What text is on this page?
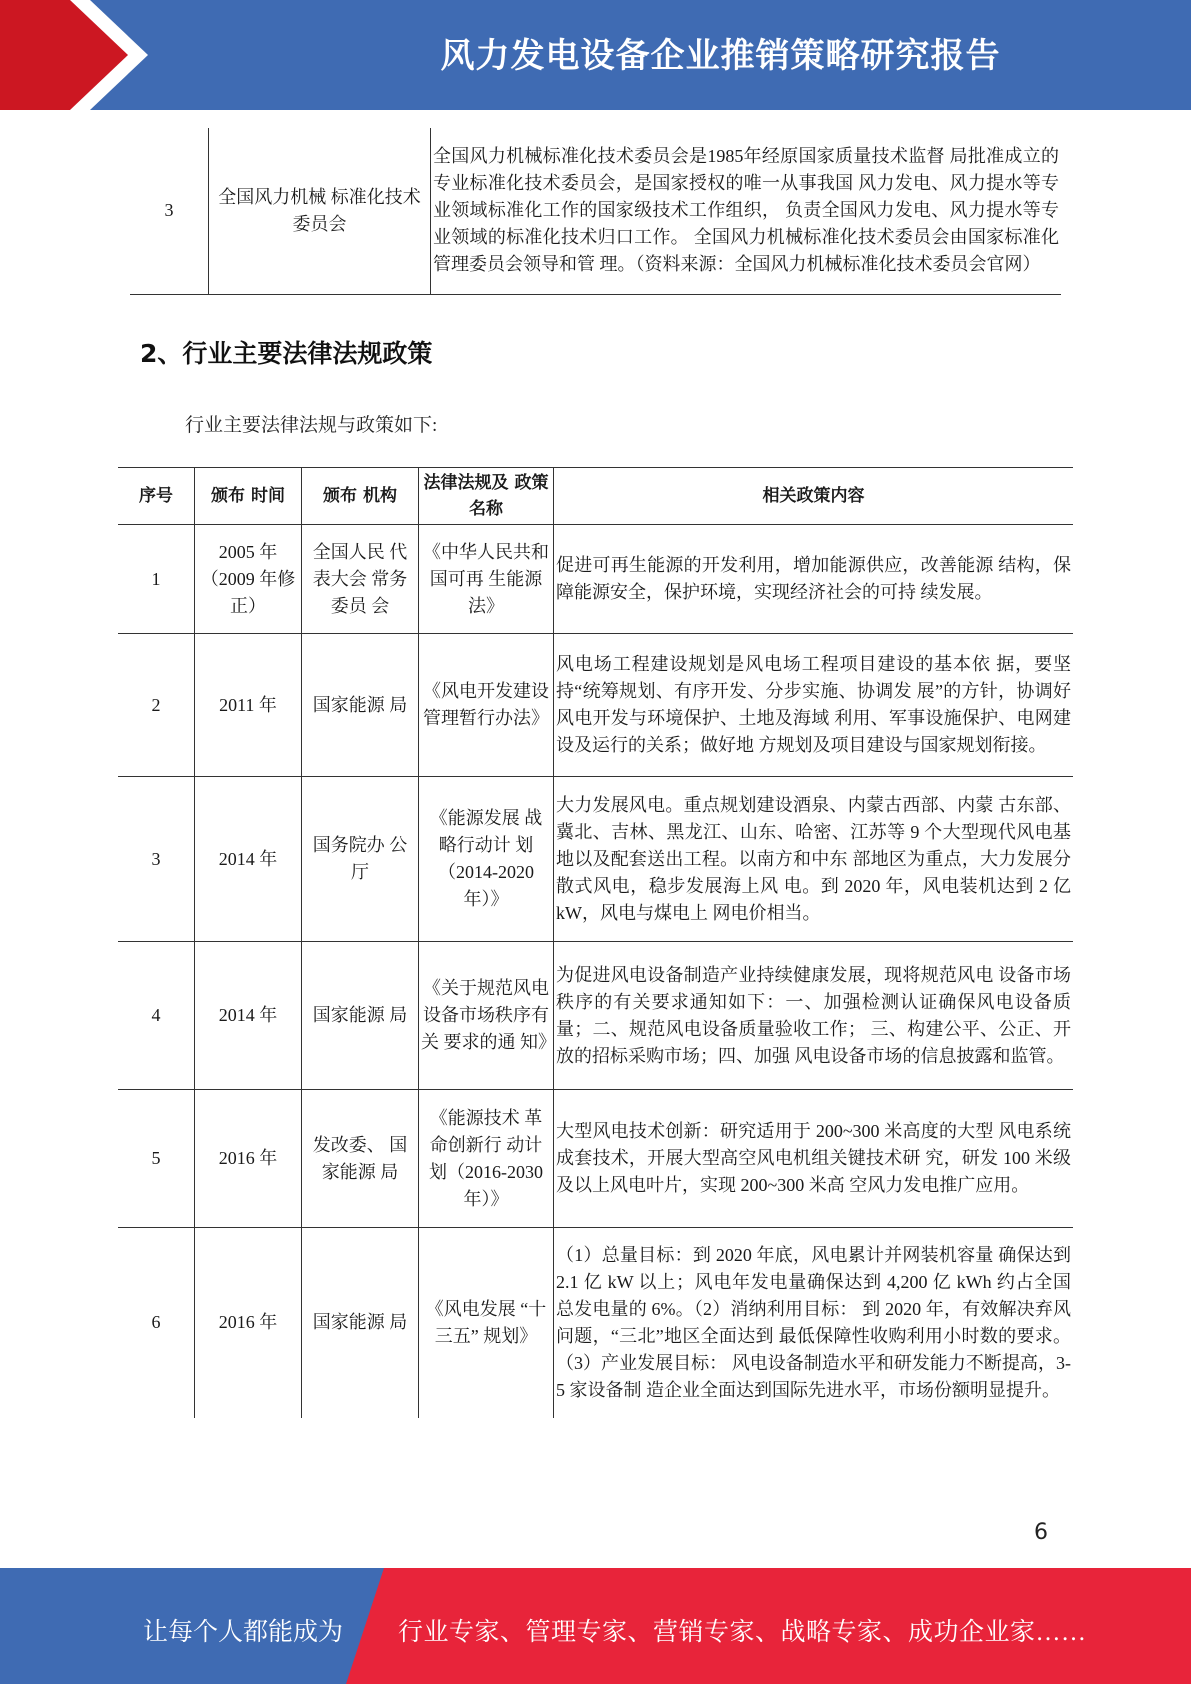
风力发电设备企业推销策略研究报告
3	全国风力机械 标准化技术委员会	全国风力机械标准化技术委员会是1985年经原国家质量技术监督 局批准成立的专业标准化技术委员会，是国家授权的唯一从事我国 风力发电、风力提水等专业领域标准化工作的国家级技术工作组织， 负责全国风力发电、风力提水等专业领域的标准化技术归口工作。 全国风力机械标准化技术委员会由国家标准化管理委员会领导和管 理。（资料来源：全国风力机械标准化技术委员会官网）
2、行业主要法律法规政策
行业主要法律法规与政策如下:
序号	颁布 时间	颁布 机构	法律法规及 政策名称	相关政策内容
1	2005 年（2009 年修正）	全国人民 代表大会 常务委员 会	《中华人民共和国可再 生能源法》	促进可再生能源的开发利用，增加能源供应，改善能源 结构，保障能源安全，保护环境，实现经济社会的可持 续发展。
2	2011 年	国家能源 局	《风电开发建设管理暂行办法》	风电场工程建设规划是风电场工程项目建设的基本依 据，要坚持“统筹规划、有序开发、分步实施、协调发 展”的方针，协调好风电开发与环境保护、土地及海域 利用、军事设施保护、电网建设及运行的关系；做好地 方规划及项目建设与国家规划衔接。
3	2014 年	国务院办 公厅	《能源发展 战略行动计 划（2014-2020 年）》	大力发展风电。重点规划建设酒泉、内蒙古西部、内蒙 古东部、冀北、吉林、黑龙江、山东、哈密、江苏等 9 个大型现代风电基地以及配套送出工程。以南方和中东 部地区为重点，大力发展分散式风电，稳步发展海上风 电。到 2020 年，风电装机达到 2 亿 kW，风电与煤电上 网电价相当。
4	2014 年	国家能源 局	《关于规范风电设备市场秩序有关 要求的通 知》	为促进风电设备制造产业持续健康发展，现将规范风电 设备市场秩序的有关要求通知如下：一、加强检测认证确保风电设备质量；二、规范风电设备质量验收工作； 三、构建公平、公正、开放的招标采购市场；四、加强 风电设备市场的信息披露和监管。
5	2016 年	发改委、 国家能源 局	《能源技术 革命创新行 动计划（2016-2030 年）》	大型风电技术创新：研究适用于 200~300 米高度的大型 风电系统成套技术，开展大型高空风电机组关键技术研 究，研发 100 米级及以上风电叶片，实现 200~300 米高 空风力发电推广应用。
6	2016 年	国家能源 局	《风电发展 “十三五” 规划》	（1）总量目标：到 2020 年底，风电累计并网装机容量 确保达到 2.1 亿 kW 以上；风电年发电量确保达到 4,200 亿 kWh 约占全国总发电量的 6%。（2）消纳利用目标： 到 2020 年，有效解决弃风问题，“三北”地区全面达到 最低保障性收购利用小时数的要求。（3）产业发展目标： 风电设备制造水平和研发能力不断提高，3-5 家设备制 造企业全面达到国际先进水平，市场份额明显提升。
6
让每个人都能成为 行业专家、管理专家、营销专家、战略专家、成功企业家……
